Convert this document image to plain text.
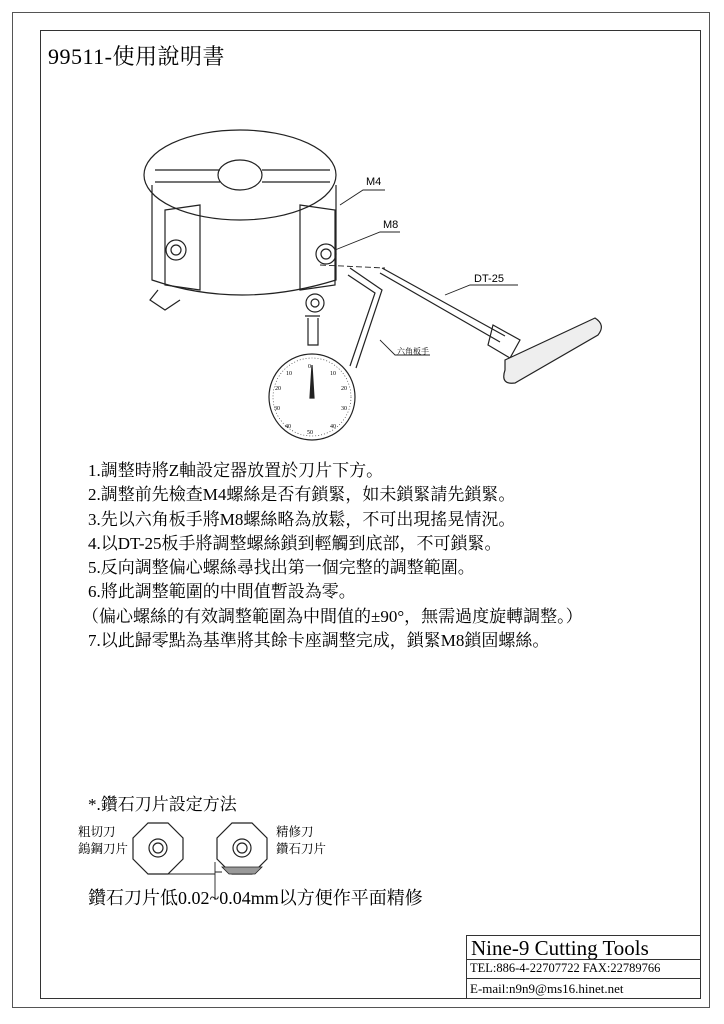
99511-使用說明書
M4
M8
DT-25
六角板手
0
10
20
30
40
50
40
30
20
10
1.調整時將Z軸設定器放置於刀片下方。
2.調整前先檢查M4螺絲是否有鎖緊，如未鎖緊請先鎖緊。
3.先以六角板手將M8螺絲略為放鬆，不可出現搖晃情況。
4.以DT-25板手將調整螺絲鎖到輕觸到底部，不可鎖緊。
5.反向調整偏心螺絲尋找出第一個完整的調整範圍。
6.將此調整範圍的中間值暫設為零。
（偏心螺絲的有效調整範圍為中間值的±90°，無需過度旋轉調整。）
7.以此歸零點為基準將其餘卡座調整完成，鎖緊M8鎖固螺絲。
*.鑽石刀片設定方法
粗切刀
鎢鋼刀片
精修刀
鑽石刀片
鑽石刀片低0.02~0.04mm以方便作平面精修
Nine-9 Cutting Tools
TEL:886-4-22707722 FAX:22789766
E-mail:n9n9@ms16.hinet.net
